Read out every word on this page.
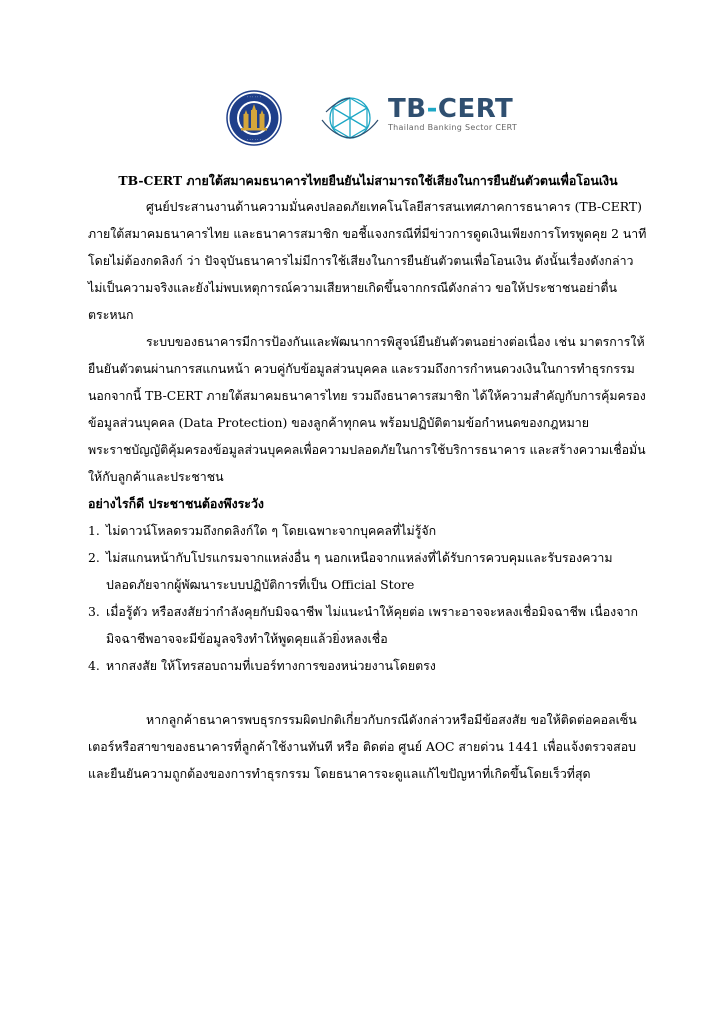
· · · · · ·
· · · · · ·
TB-CERT
Thailand Banking Sector CERT
TB-CERT ภายใต้สมาคมธนาคารไทยยืนยันไม่สามารถใช้เสียงในการยืนยันตัวตนเพื่อโอนเงิน
ศูนย์ประสานงานด้านความมั่นคงปลอดภัยเทคโนโลยีสารสนเทศภาคการธนาคาร (TB-CERT)
ภายใต้สมาคมธนาคารไทย และธนาคารสมาชิก ขอชี้แจงกรณีที่มีข่าวการดูดเงินเพียงการโทรพูดคุย 2 นาที
โดยไม่ต้องกดลิงก์ ว่า ปัจจุบันธนาคารไม่มีการใช้เสียงในการยืนยันตัวตนเพื่อโอนเงิน ดังนั้นเรื่องดังกล่าว
ไม่เป็นความจริงและยังไม่พบเหตุการณ์ความเสียหายเกิดขึ้นจากกรณีดังกล่าว ขอให้ประชาชนอย่าตื่น
ตระหนก
ระบบของธนาคารมีการป้องกันและพัฒนาการพิสูจน์ยืนยันตัวตนอย่างต่อเนื่อง เช่น มาตรการให้
ยืนยันตัวตนผ่านการสแกนหน้า ควบคู่กับข้อมูลส่วนบุคคล และรวมถึงการกำหนดวงเงินในการทำธุรกรรม
นอกจากนี้ TB-CERT ภายใต้สมาคมธนาคารไทย รวมถึงธนาคารสมาชิก ได้ให้ความสำคัญกับการคุ้มครอง
ข้อมูลส่วนบุคคล (Data Protection) ของลูกค้าทุกคน พร้อมปฏิบัติตามข้อกำหนดของกฎหมาย
พระราชบัญญัติคุ้มครองข้อมูลส่วนบุคคลเพื่อความปลอดภัยในการใช้บริการธนาคาร และสร้างความเชื่อมั่น
ให้กับลูกค้าและประชาชน
อย่างไรก็ดี ประชาชนต้องพึงระวัง
1. ไม่ดาวน์โหลดรวมถึงกดลิงก์ใด ๆ โดยเฉพาะจากบุคคลที่ไม่รู้จัก
2. ไม่สแกนหน้ากับโปรแกรมจากแหล่งอื่น ๆ นอกเหนือจากแหล่งที่ได้รับการควบคุมและรับรองความ
ปลอดภัยจากผู้พัฒนาระบบปฏิบัติการที่เป็น Official Store
3. เมื่อรู้ตัว หรือสงสัยว่ากำลังคุยกับมิจฉาชีพ ไม่แนะนำให้คุยต่อ เพราะอาจจะหลงเชื่อมิจฉาชีพ เนื่องจาก
มิจฉาชีพอาจจะมีข้อมูลจริงทำให้พูดคุยแล้วยิ่งหลงเชื่อ
4. หากสงสัย ให้โทรสอบถามที่เบอร์ทางการของหน่วยงานโดยตรง
หากลูกค้าธนาคารพบธุรกรรมผิดปกติเกี่ยวกับกรณีดังกล่าวหรือมีข้อสงสัย ขอให้ติดต่อคอลเซ็น
เตอร์หรือสาขาของธนาคารที่ลูกค้าใช้งานทันที หรือ ติดต่อ ศูนย์ AOC สายด่วน 1441 เพื่อแจ้งตรวจสอบ
และยืนยันความถูกต้องของการทำธุรกรรม โดยธนาคารจะดูแลแก้ไขปัญหาที่เกิดขึ้นโดยเร็วที่สุด
